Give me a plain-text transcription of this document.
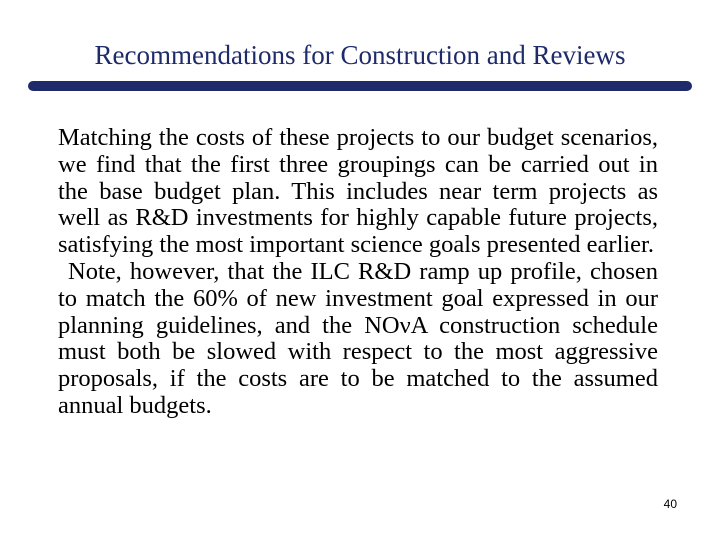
Recommendations for Construction and Reviews

Matching the costs of these projects to our budget scenarios, we find that the first three groupings can be carried out in the base budget plan. This includes near term projects as well as R&D investments for highly capable future projects, satisfying the most important science goals presented earlier.

Note, however, that the ILC R&D ramp up profile, chosen to match the 60% of new investment goal expressed in our planning guidelines, and the NOνA construction schedule must both be slowed with respect to the most aggressive proposals, if the costs are to be matched to the assumed annual budgets.

40
